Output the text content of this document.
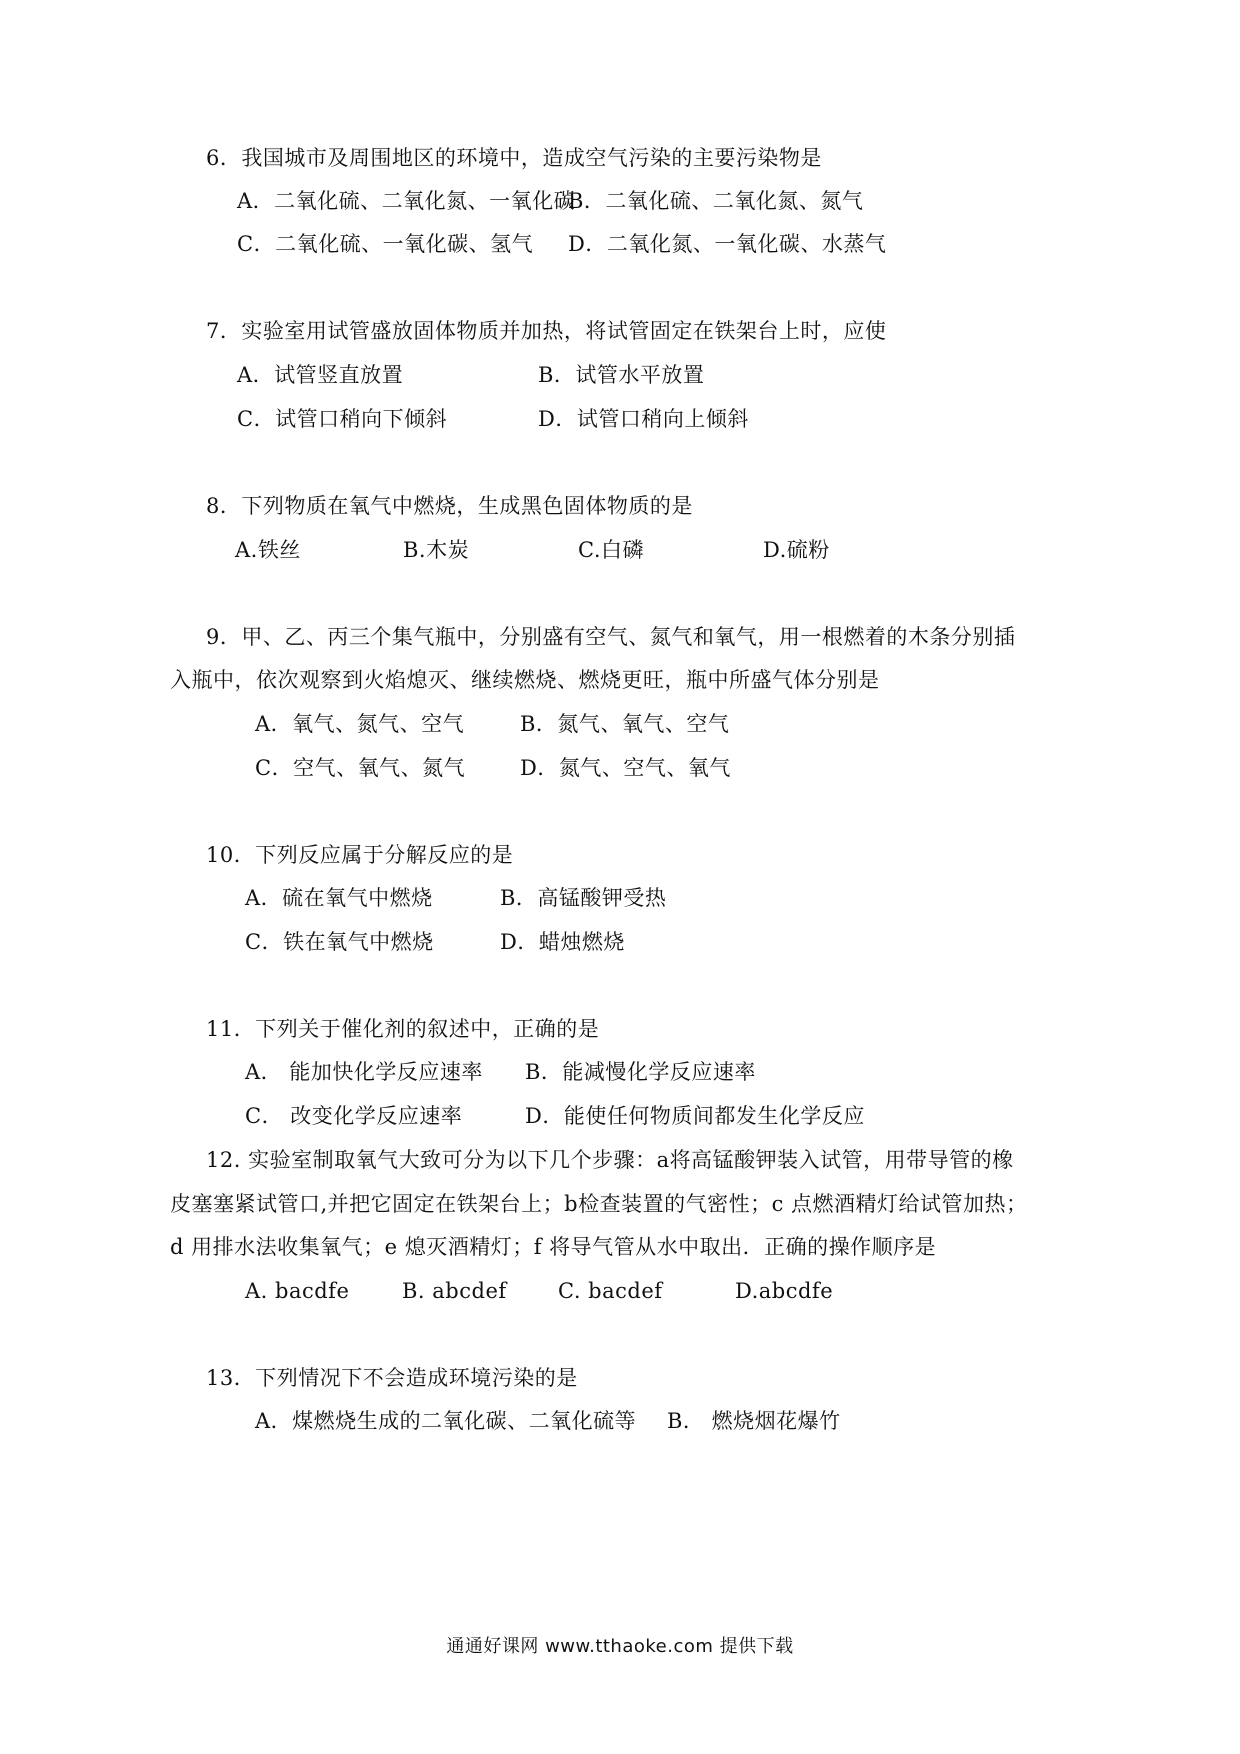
6．我国城市及周围地区的环境中，造成空气污染的主要污染物是
A．二氧化硫、二氧化氮、一氧化碳
B．二氧化硫、二氧化氮、氮气
C．二氧化硫、一氧化碳、氢气 D．二氧化氮、一氧化碳、水蒸气
7．实验室用试管盛放固体物质并加热，将试管固定在铁架台上时，应使
A．试管竖直放置	B．试管水平放置
C．试管口稍向下倾斜	D．试管口稍向上倾斜
8．下列物质在氧气中燃烧，生成黑色固体物质的是
A.铁丝	B.木炭	C.白磷	D.硫粉
9．甲、乙、丙三个集气瓶中，分别盛有空气、氮气和氧气，用一根燃着的木条分别插
入瓶中，依次观察到火焰熄灭、继续燃烧、燃烧更旺，瓶中所盛气体分别是
A．氧气、氮气、空气	B．氮气、氧气、空气
C．空气、氧气、氮气	D．氮气、空气、氧气
10．下列反应属于分解反应的是
A．硫在氧气中燃烧	B．高锰酸钾受热
C．铁在氧气中燃烧	D．蜡烛燃烧
11．下列关于催化剂的叙述中，正确的是
A． 能加快化学反应速率 B．能减慢化学反应速率
C． 改变化学反应速率	D．能使任何物质间都发生化学反应
12. 实验室制取氧气大致可分为以下几个步骤：a将高锰酸钾装入试管，用带导管的橡
皮塞塞紧试管口,并把它固定在铁架台上；b检查装置的气密性；c 点燃酒精灯给试管加热；
d 用排水法收集氧气；e 熄灭酒精灯；f 将导气管从水中取出．正确的操作顺序是
A. bacdfe	B. abcdef C. bacdef	D.abcdfe
13．下列情况下不会造成环境污染的是
A．煤燃烧生成的二氧化碳、二氧化硫等 B． 燃烧烟花爆竹
通通好课网 www.tthaoke.com 提供下载
